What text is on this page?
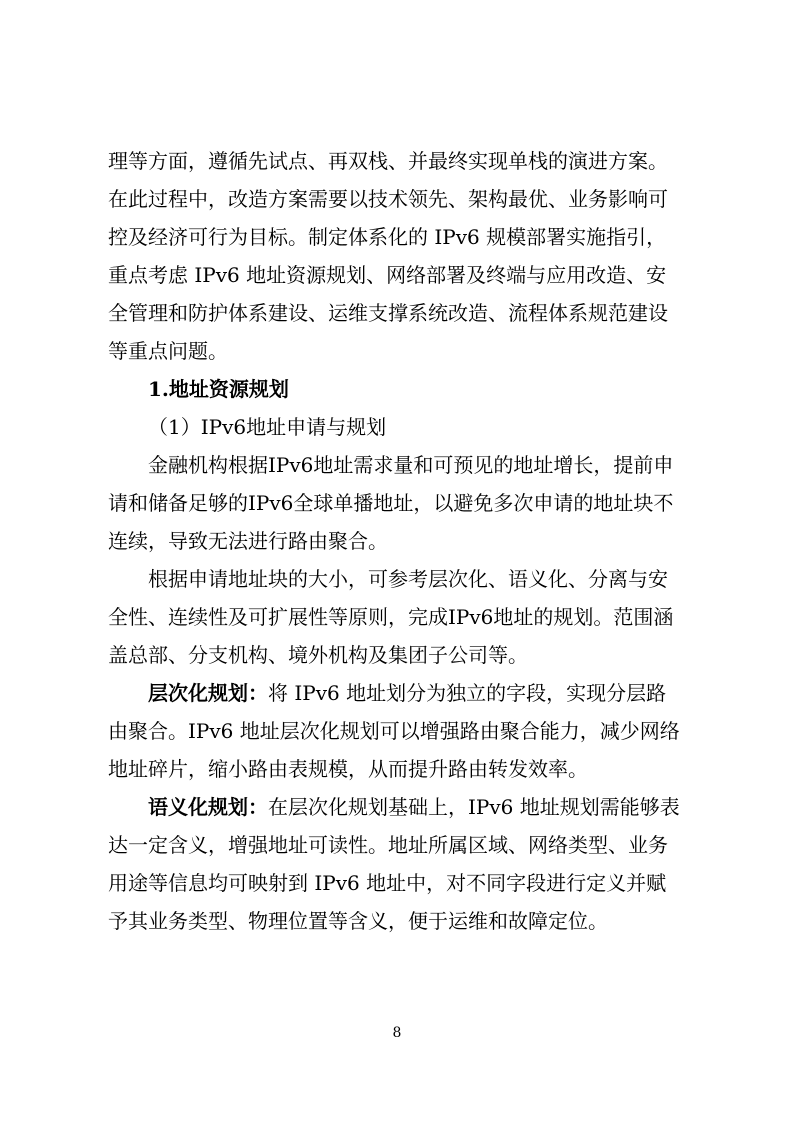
理等方面，遵循先试点、再双栈、并最终实现单栈的演进方案。

在此过程中，改造方案需要以技术领先、架构最优、业务影响可

控及经济可行为目标。制定体系化的 IPv6 规模部署实施指引，

重点考虑 IPv6 地址资源规划、网络部署及终端与应用改造、安

全管理和防护体系建设、运维支撑系统改造、流程体系规范建设

等重点问题。

1.地址资源规划

（1）IPv6地址申请与规划

金融机构根据IPv6地址需求量和可预见的地址增长，提前申

请和储备足够的IPv6全球单播地址，以避免多次申请的地址块不

连续，导致无法进行路由聚合。

根据申请地址块的大小，可参考层次化、语义化、分离与安

全性、连续性及可扩展性等原则，完成IPv6地址的规划。范围涵

盖总部、分支机构、境外机构及集团子公司等。

层次化规划：将 IPv6 地址划分为独立的字段，实现分层路

由聚合。IPv6 地址层次化规划可以增强路由聚合能力，减少网络

地址碎片，缩小路由表规模，从而提升路由转发效率。

语义化规划：在层次化规划基础上，IPv6 地址规划需能够表

达一定含义，增强地址可读性。地址所属区域、网络类型、业务

用途等信息均可映射到 IPv6 地址中，对不同字段进行定义并赋

予其业务类型、物理位置等含义，便于运维和故障定位。

8
